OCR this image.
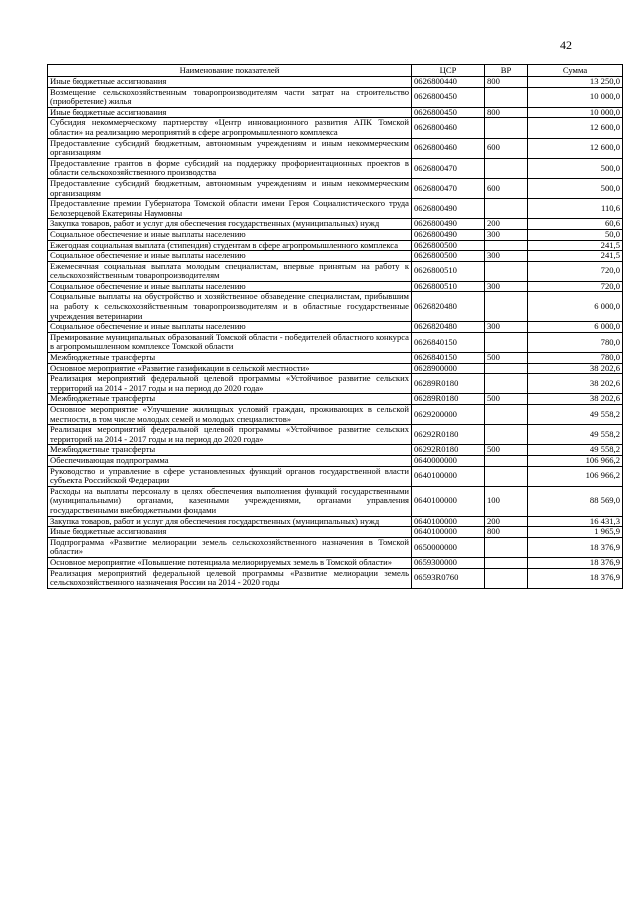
42
Наименование показателей	ЦСР	ВР	Сумма
Иные бюджетные ассигнования	0626800440	800	13 250,0
Возмещение сельскохозяйственным товаропроизводителям части затрат на строительство (приобретение) жилья	0626800450		10 000,0
Иные бюджетные ассигнования	0626800450	800	10 000,0
Субсидия некоммерческому партнерству «Центр инновационного развития АПК Томской области» на реализацию мероприятий в сфере агропромышленного комплекса	0626800460		12 600,0
Предоставление субсидий бюджетным, автономным учреждениям и иным некоммерческим организациям	0626800460	600	12 600,0
Предоставление грантов в форме субсидий на поддержку профориентационных проектов в области сельскохозяйственного производства	0626800470		500,0
Предоставление субсидий бюджетным, автономным учреждениям и иным некоммерческим организациям	0626800470	600	500,0
Предоставление премии Губернатора Томской области имени Героя Социалистического труда Белозерцевой Екатерины Наумовны	0626800490		110,6
Закупка товаров, работ и услуг для обеспечения государственных (муниципальных) нужд	0626800490	200	60,6
Социальное обеспечение и иные выплаты населению	0626800490	300	50,0
Ежегодная социальная выплата (стипендия) студентам в сфере агропромышленного комплекса	0626800500		241,5
Социальное обеспечение и иные выплаты населению	0626800500	300	241,5
Ежемесячная социальная выплата молодым специалистам, впервые принятым на работу к сельскохозяйственным товаропроизводителям	0626800510		720,0
Социальное обеспечение и иные выплаты населению	0626800510	300	720,0
Социальные выплаты на обустройство и хозяйственное обзаведение специалистам, прибывшим на работу к сельскохозяйственным товаропроизводителям и в областные государственные учреждения ветеринарии	0626820480		6 000,0
Социальное обеспечение и иные выплаты населению	0626820480	300	6 000,0
Премирование муниципальных образований Томской области - победителей областного конкурса в агропромышленном комплексе Томской области	0626840150		780,0
Межбюджетные трансферты	0626840150	500	780,0
Основное мероприятие «Развитие газификации в сельской местности»	0628900000		38 202,6
Реализация мероприятий федеральной целевой программы «Устойчивое развитие сельских территорий на 2014 - 2017 годы и на период до 2020 года»	06289R0180		38 202,6
Межбюджетные трансферты	06289R0180	500	38 202,6
Основное мероприятие «Улучшение жилищных условий граждан, проживающих в сельской местности, в том числе молодых семей и молодых специалистов»	0629200000		49 558,2
Реализация мероприятий федеральной целевой программы «Устойчивое развитие сельских территорий на 2014 - 2017 годы и на период до 2020 года»	06292R0180		49 558,2
Межбюджетные трансферты	06292R0180	500	49 558,2
Обеспечивающая подпрограмма	0640000000		106 966,2
Руководство и управление в сфере установленных функций органов государственной власти субъекта Российской Федерации	0640100000		106 966,2
Расходы на выплаты персоналу в целях обеспечения выполнения функций государственными (муниципальными) органами, казенными учреждениями, органами управления государственными внебюджетными фондами	0640100000	100	88 569,0
Закупка товаров, работ и услуг для обеспечения государственных (муниципальных) нужд	0640100000	200	16 431,3
Иные бюджетные ассигнования	0640100000	800	1 965,9
Подпрограмма «Развитие мелиорации земель сельскохозяйственного назначения в Томской области»	0650000000		18 376,9
Основное мероприятие «Повышение потенциала мелиорируемых земель в Томской области»	0659300000		18 376,9
Реализация мероприятий федеральной целевой программы «Развитие мелиорации земель сельскохозяйственного назначения России на 2014 - 2020 годы	06593R0760		18 376,9
